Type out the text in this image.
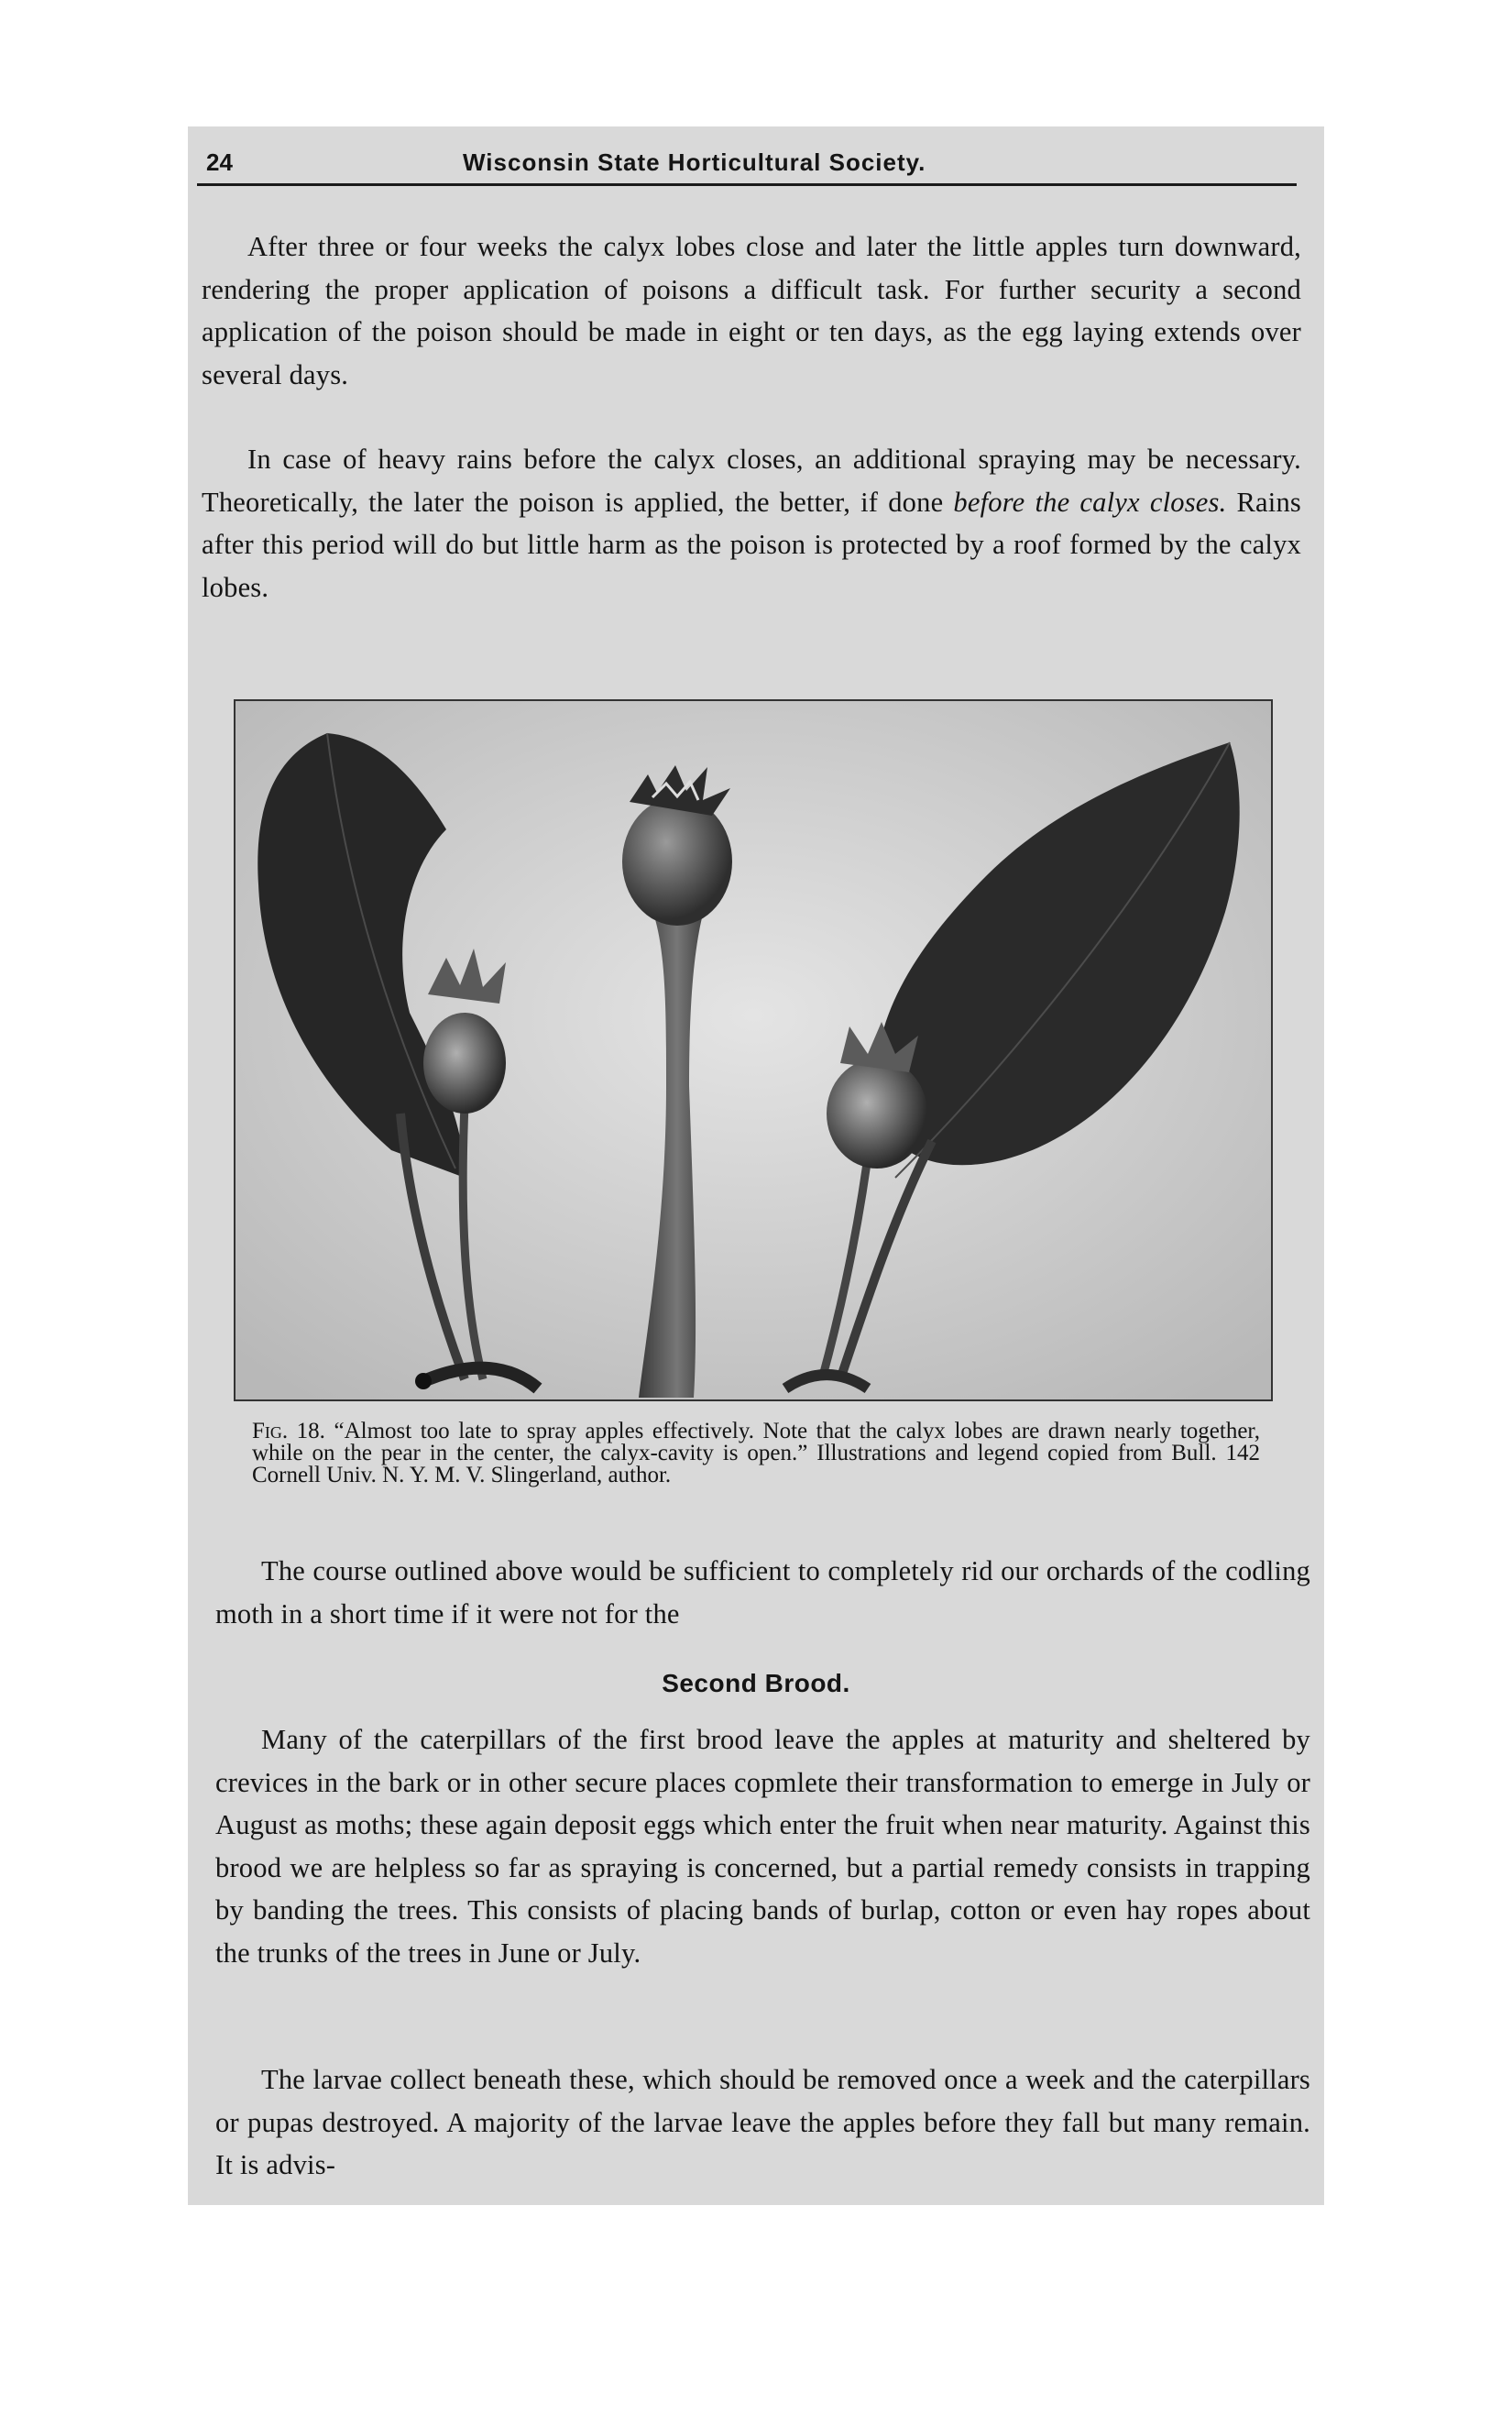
24	Wisconsin State Horticultural Society.

After three or four weeks the calyx lobes close and later the little apples turn downward, rendering the proper application of poisons a difficult task. For further security a second application of the poison should be made in eight or ten days, as the egg laying extends over several days.

In case of heavy rains before the calyx closes, an additional spraying may be necessary. Theoretically, the later the poison is applied, the better, if done before the calyx closes. Rains after this period will do but little harm as the poison is protected by a roof formed by the calyx lobes.

Fig. 18. “Almost too late to spray apples effectively. Note that the calyx lobes are drawn nearly together, while on the pear in the center, the calyx-cavity is open.” Illustrations and legend copied from Bull. 142 Cornell Univ. N. Y. M. V. Slingerland, author.

The course outlined above would be sufficient to completely rid our orchards of the codling moth in a short time if it were not for the

Second Brood.

Many of the caterpillars of the first brood leave the apples at maturity and sheltered by crevices in the bark or in other secure places copmlete their transformation to emerge in July or August as moths; these again deposit eggs which enter the fruit when near maturity. Against this brood we are helpless so far as spraying is concerned, but a partial remedy consists in trapping by banding the trees. This consists of placing bands of burlap, cotton or even hay ropes about the trunks of the trees in June or July.

The larvae collect beneath these, which should be removed once a week and the caterpillars or pupas destroyed. A majority of the larvae leave the apples before they fall but many remain. It is advis-
